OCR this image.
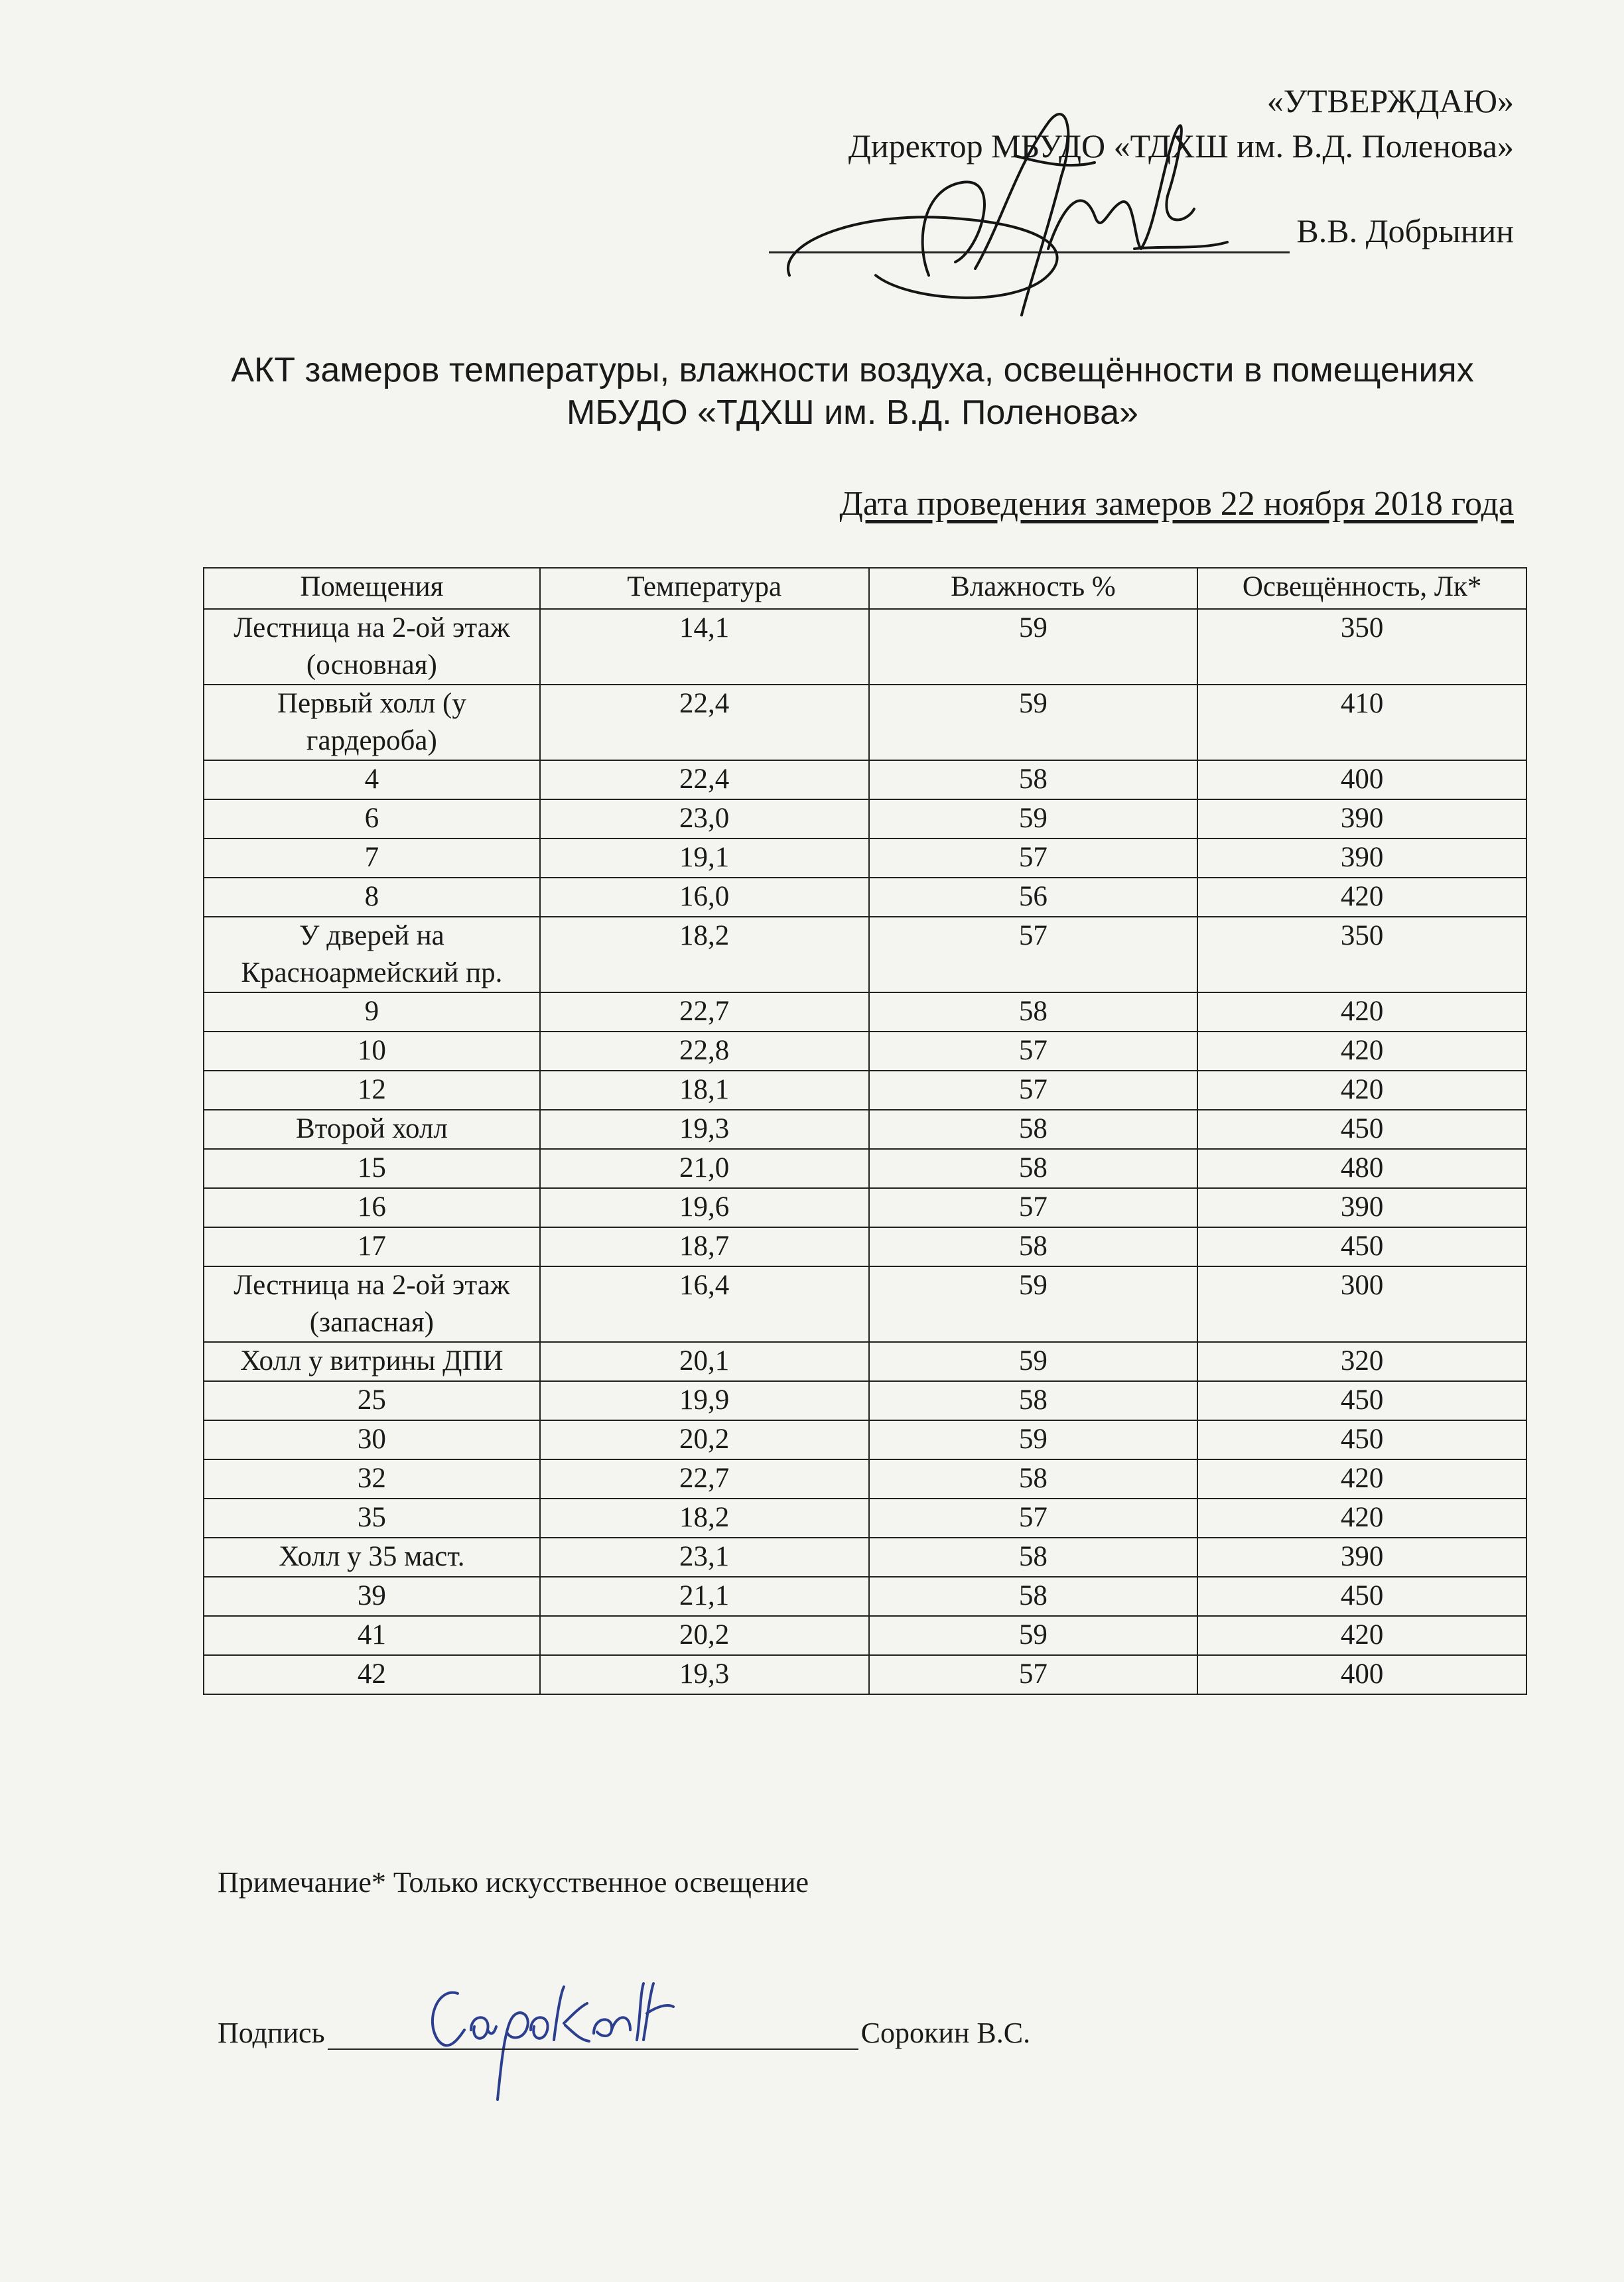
«УТВЕРЖДАЮ»
Директор МБУДО «ТДХШ им. В.Д. Поленова»
В.В. Добрынин
АКТ замеров температуры, влажности воздуха, освещённости в помещениях
МБУДО «ТДХШ им. В.Д. Поленова»
Дата проведения замеров 22 ноября 2018 года
Помещения	Температура	Влажность %	Освещённость, Лк*
Лестница на 2-ой этаж (основная)	14,1	59	350
Первый холл (у гардероба)	22,4	59	410
4	22,4	58	400
6	23,0	59	390
7	19,1	57	390
8	16,0	56	420
У дверей на Красноармейский пр.	18,2	57	350
9	22,7	58	420
10	22,8	57	420
12	18,1	57	420
Второй холл	19,3	58	450
15	21,0	58	480
16	19,6	57	390
17	18,7	58	450
Лестница на 2-ой этаж (запасная)	16,4	59	300
Холл у витрины ДПИ	20,1	59	320
25	19,9	58	450
30	20,2	59	450
32	22,7	58	420
35	18,2	57	420
Холл у 35 маст.	23,1	58	390
39	21,1	58	450
41	20,2	59	420
42	19,3	57	400
Примечание* Только искусственное освещение
Подпись	Сорокин В.С.
